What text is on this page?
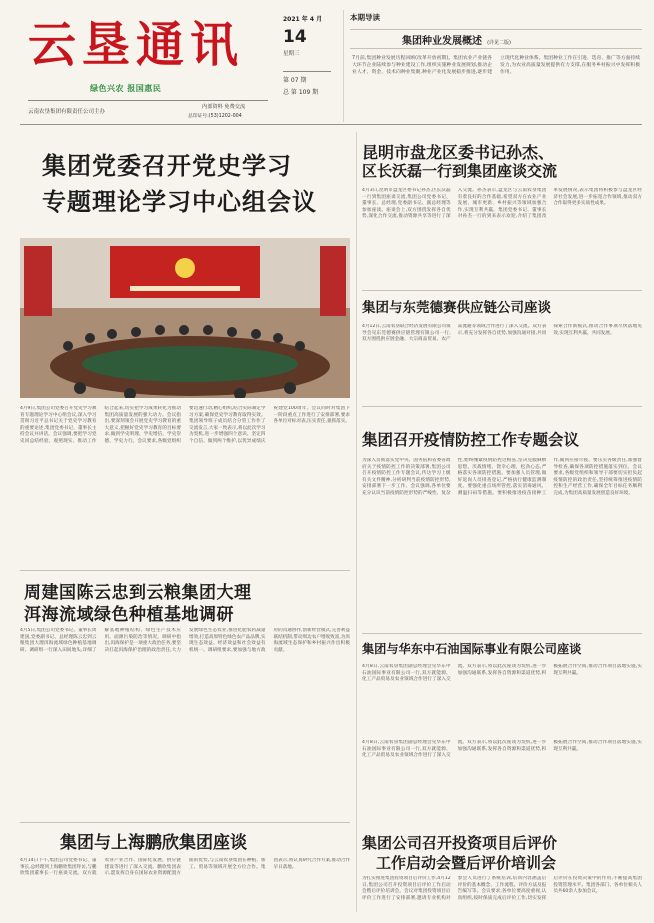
云 垦 通 讯
绿色兴农 报国惠民
云南农垦集团有限责任公司主办
内部资料 免费交流
总印证号:(53)1202-004
2021 年 4 月
14
星期三
第 07 期
总 第 109 期
本期导读
集团种业发展概述 (详见二版)
7月前,集团种业发展历程回顾(改革开放初期)。集团农业产业链各大环节企业陆续参与种业建设工作,组织实施种业发展规划,推动企业人才、资金、技术向种业集聚,种业产业化发展稳步推进,逐步建立现代化种业体系。集团种业工作在引进、选育、推广等方面持续发力,为农业高质量发展提供有力支撑,在服务乡村振兴中发挥积极作用。
集团党委召开党史学习
专题理论学习中心组会议
4月9日,集团公司党委召开党史学习教育专题理论学习中心组会议,深入学习贯彻习近平总书记关于党史学习教育的重要论述,集团党委书记、董事长主持会议并讲话。会议强调,要把学习党史同总结经验、观照现实、推动工作结合起来,切实把学习成果转化为推动集团高质量发展的强大动力。会议指出,要深刻领会开展党史学习教育的重大意义,把握好党史学习教育的目标要求,做到学史明理、学史增信、学史崇德、学史力行。会议要求,各级党组织要迅速行动,精心组织,结合实际制定学习方案,确保党史学习教育取得实效。集团领导班子成员结合分管工作作了交流发言,大家一致表示,将以此次学习为契机,进一步增强四个意识、坚定四个自信、做到两个维护,以优异成绩庆祝建党100周年。会议同时对集团下一阶段重点工作进行了安排部署,要求各单位对标对表,压实责任,狠抓落实。
昆明市盘龙区委书记孙杰、
区长沃磊一行到集团座谈交流
4月3日,昆明市盘龙区委书记孙杰,区长沃磊一行到集团座谈交流,集团公司党委书记、董事长、总经理,党委副书记、副总经理等参加座谈。座谈会上,双方围绕发挥各自优势,深化合作交流,推动资源共享等进行了深入交流。孙杰表示,盘龙区与云南农垦集团有着良好的合作基础,希望双方在农业产业发展、城市更新、乡村振兴等领域加强合作,实现互利共赢。集团党委书记、董事长对孙杰一行的到来表示欢迎,介绍了集团改革发展情况,表示集团将积极参与盘龙区经济社会发展,进一步拓宽合作领域,推动双方合作取得更多实质性成果。
集团与东莞德赛供应链公司座谈
4月12日,云南农垦联合经济发展有限公司领导会见东莞德赛供应链管理有限公司一行,双方围绕供应链金融、大宗商品贸易、农产品流通等领域合作进行了深入交流。双方表示,将充分发挥各自优势,加强沟通对接,共同探索合作新模式,推动合作事项尽快落地见效,实现互利共赢、共同发展。
集团召开疫情防控工作专题会议
为深入贯彻落实党中央、国务院和省委省政府关于疫情防控工作的决策部署,集团公司召开疫情防控工作专题会议,传达学习上级有关文件精神,分析研判当前疫情防控形势,安排部署下一步工作。会议强调,各单位要充分认识当前疫情防控形势的严峻性、复杂性,始终绷紧疫情防控这根弦,坚决克服麻痹思想、厌战情绪、侥幸心理、松劲心态,严格落实各项防控措施。要加强人员管理,做好返岗人员排查登记,严格执行健康监测制度。要强化重点场所管控,落实消毒通风、测温扫码等措施。要积极推进疫苗接种工作,做到应接尽接。要压实各级责任,加强督导检查,确保各项防控措施落实到位。会议要求,各级党组织和领导干部要切实担负起疫情防控的政治责任,坚持统筹推进疫情防控和生产经营工作,确保全年目标任务顺利完成,为集团高质量发展创造良好环境。
周建国陈云忠到云粮集团大理
洱海流域绿色种植基地调研
4月5日,集团公司党委书记、董事长周建国,党委副书记、总经理陈云忠到云粮集团大理洱海流域绿色种植基地调研。调研组一行深入田间地头,详细了解基地种植结构、绿色生产技术应用、面源污染防治等情况。调研中指出,洱海保护是一项重大政治任务,要坚决扛起洱海保护治理的政治责任,大力发展绿色生态农业,推进化肥农药减量增效,打造高原特色绿色农产品品牌,实现生态效益、经济效益和社会效益有机统一。调研组要求,要加强与地方政府的沟通协作,创新经营模式,完善利益联结机制,带动周边农户增收致富,为洱海流域生态保护和乡村振兴作出积极贡献。	集团与华东中石油国际事业有限公司座谈
4月8日,云南农垦集团副总经理会见华东中石油国际事业有限公司一行,双方就能源、化工产品贸易及农业领域合作进行了深入交流。双方表示,将以此次座谈为契机,进一步加强沟通联系,发挥各自资源和渠道优势,积极拓展合作空间,推动合作项目落地实施,实现互利共赢。
集团与上海鹏欣集团座谈
4月14日下午,集团公司党委书记、董事长,总经理到上海鹏欣集团拜访,与鹏欣集团董事长一行座谈交流。双方就农业产业合作、国际化发展、供应链建设等进行了深入交流。鹏欣集团表示,愿发挥自身在国际农业资源配置方面的优势,与云南农垦集团在种植、加工、贸易等领域开展全方位合作。集团表示,将认真研究合作方案,推动合作早日落地。
集团公司召开投资项目后评价
工作启动会暨后评价培训会
为扎实推进集团投资项目后评价工作,4月12日,集团公司召开投资项目后评价工作启动会暨后评价培训会。会议对集团投资项目后评价工作进行了安排部署,邀请专业机构对参会人员进行了系统培训,培训内容涵盖后评价的基本概念、工作流程、评价方法及报告编写等。会议要求,各单位要高度重视,认真组织,按时保质完成后评价工作,切实发挥后评价在投资决策中的作用,不断提高集团投资管理水平。集团各部门、各单位相关人员共60余人参加会议。
4月8日,云南农垦集团副总经理会见华东中石油国际事业有限公司一行,双方就能源、化工产品贸易及农业领域合作进行了深入交流。双方表示,将以此次座谈为契机,进一步加强沟通联系,发挥各自资源和渠道优势,积极拓展合作空间,推动合作项目落地实施,实现互利共赢。
